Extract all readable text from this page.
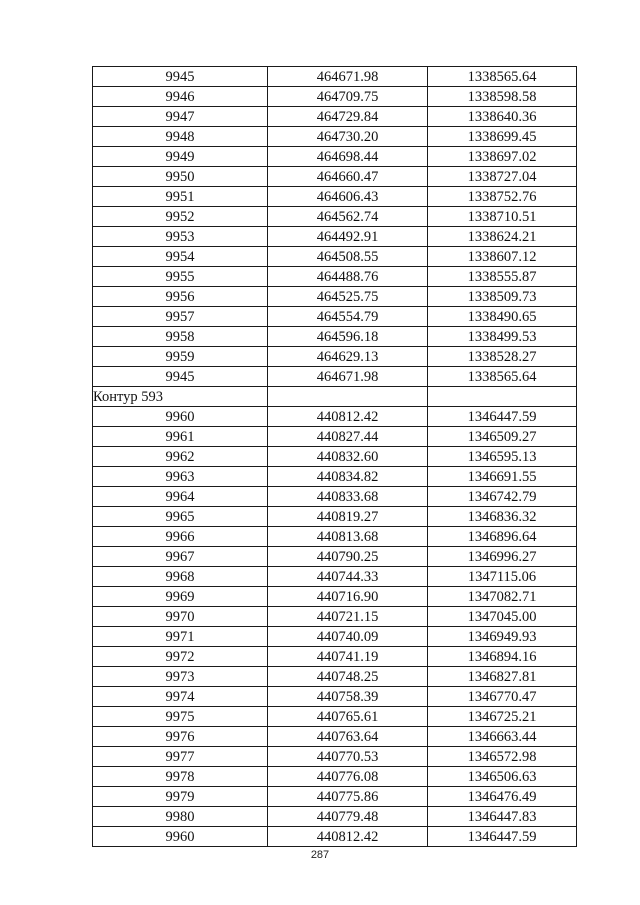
9945	464671.98	1338565.64
9946	464709.75	1338598.58
9947	464729.84	1338640.36
9948	464730.20	1338699.45
9949	464698.44	1338697.02
9950	464660.47	1338727.04
9951	464606.43	1338752.76
9952	464562.74	1338710.51
9953	464492.91	1338624.21
9954	464508.55	1338607.12
9955	464488.76	1338555.87
9956	464525.75	1338509.73
9957	464554.79	1338490.65
9958	464596.18	1338499.53
9959	464629.13	1338528.27
9945	464671.98	1338565.64
Контур 593		
9960	440812.42	1346447.59
9961	440827.44	1346509.27
9962	440832.60	1346595.13
9963	440834.82	1346691.55
9964	440833.68	1346742.79
9965	440819.27	1346836.32
9966	440813.68	1346896.64
9967	440790.25	1346996.27
9968	440744.33	1347115.06
9969	440716.90	1347082.71
9970	440721.15	1347045.00
9971	440740.09	1346949.93
9972	440741.19	1346894.16
9973	440748.25	1346827.81
9974	440758.39	1346770.47
9975	440765.61	1346725.21
9976	440763.64	1346663.44
9977	440770.53	1346572.98
9978	440776.08	1346506.63
9979	440775.86	1346476.49
9980	440779.48	1346447.83
9960	440812.42	1346447.59
287
